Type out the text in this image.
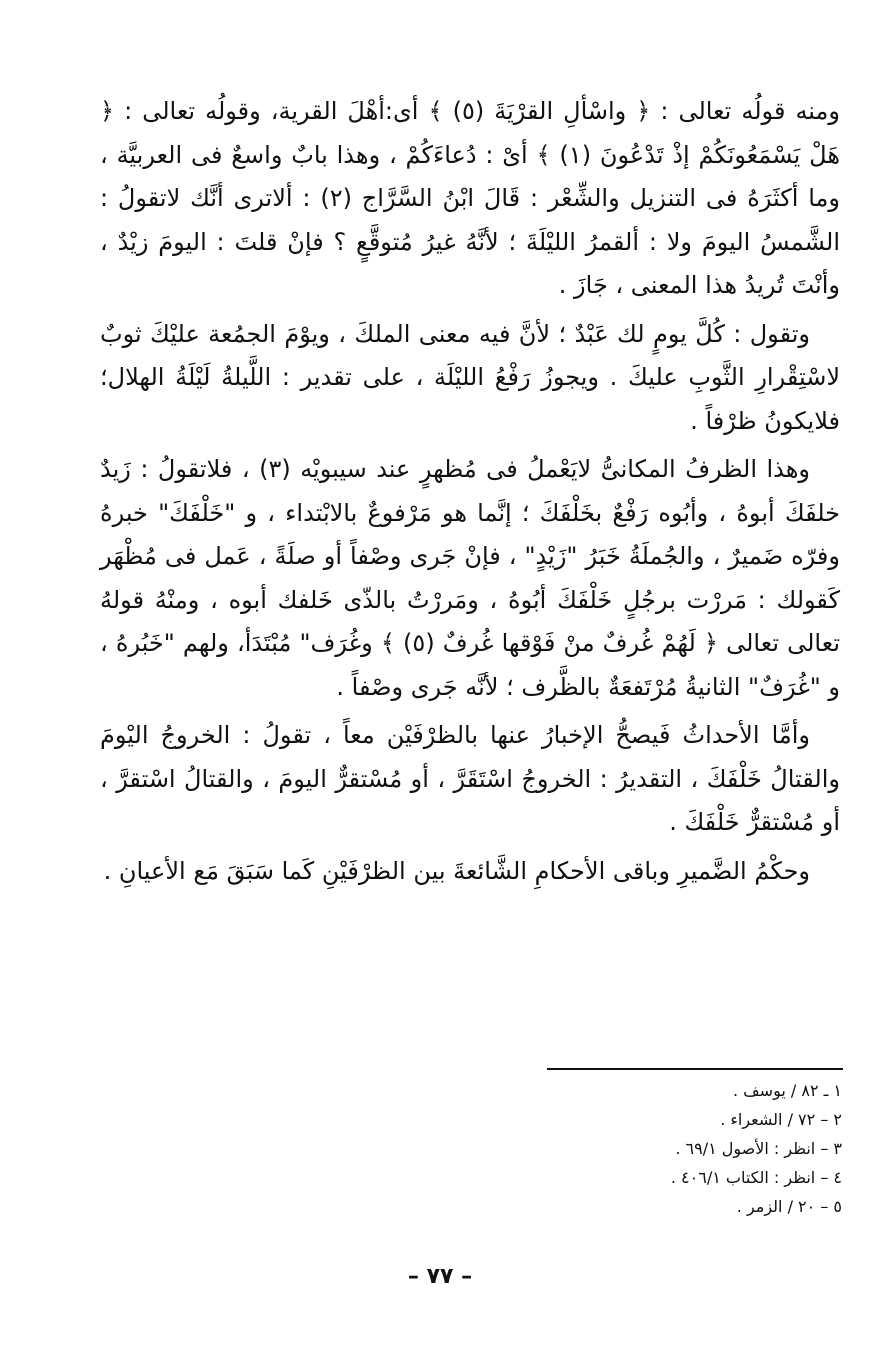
ومنه قولُه تعالى : ﴿ واسْألِ القرْيَةَ (٥) ﴾ أى:أهْلَ القرية، وقولُه تعالى : ﴿ هَلْ يَسْمَعُونَكُمْ إذْ تَدْعُونَ (١) ﴾ أىْ : دُعاءَكُمْ ، وهذا بابٌ واسعٌ فى العربيَّة ، وما أكثَرَهُ فى التنزيل والشِّعْر : قَالَ ابْنُ السَّرَّاج (٢) : ألاترى أنَّك لاتقولُ : الشَّمسُ اليومَ ولا : ألقمرُ الليْلَةَ ؛ لأنَّهُ غيرُ مُتوقَّعٍ ؟ فإنْ قلتَ : اليومَ زيْدٌ ، وأنْتَ تُريدُ هذا المعنى ، جَازَ .

وتقول : كُلَّ يومٍ لك عَبْدٌ ؛ لأنَّ فيه معنى الملكَ ، ويوْمَ الجمُعة عليْكَ ثوبٌ لاسْتِقْرارِ الثَّوبِ عليكَ . ويجوزُ رَفْعُ الليْلَة ، على تقدير : اللَّيلةُ لَيْلَةُ الهلال؛ فلايكونُ ظرْفاً .

وهذا الظرفُ المكانىُّ لايَعْملُ فى مُظهرٍ عند سيبويْه (٣) ، فلاتقولُ : زَيدٌ خلفَكَ أبوهُ ، وأبُوه رَفْعٌ بخَلْفَكَ ؛ إنَّما هو مَرْفوعٌ بالابْتداء ، و "خَلْفَكَ" خبرهُ وفرّه ضَميرٌ ، والجُملَةُ خَبَرُ "زَيْدٍ" ، فإنْ جَرى وصْفاً أو صلَةً ، عَمل فى مُظْهَر كَقولك : مَررْت برجُلٍ خَلْفَكَ أبُوهُ ، ومَررْتُ بالذّى خَلفك أبوه ، ومنْهُ قولهُ تعالى تعالى ﴿ لَهُمْ غُرفٌ منْ فَوْقها غُرفٌ (٥) ﴾ وغُرَف" مُبْتَدَأ، ولهم "خَبُرهُ ، و "غُرَفٌ" الثانيةُ مُرْتَفعَةٌ بالظَّرف ؛ لأنَّه جَرى وصْفاً .

وأمَّا الأحداثُ فَيصحُّ الإخبارُ عنها بالظرْفَيْن معاً ، تقولُ : الخروجُ اليْومَ والقتالُ خَلْفَكَ ، التقديرُ : الخروجُ اسْتَقَرَّ ، أو مُسْتقرٌّ اليومَ ، والقتالُ اسْتقرَّ ، أو مُسْتقرٌّ خَلْفَكَ .

وحكْمُ الضَّميرِ وباقى الأحكامِ الشَّائعةَ بين الظرْفَيْنِ كَما سَبَقَ مَع الأعيانِ .

١ ـ ٨٢ / يوسف .
٢ – ٧٢ / الشعراء .
٣ – انظر : الأصول ٦٩/١ .
٤ – انظر : الكتاب ٤٠٦/١ .
٥ – ٢٠ / الزمر .
– ٧٧ –
